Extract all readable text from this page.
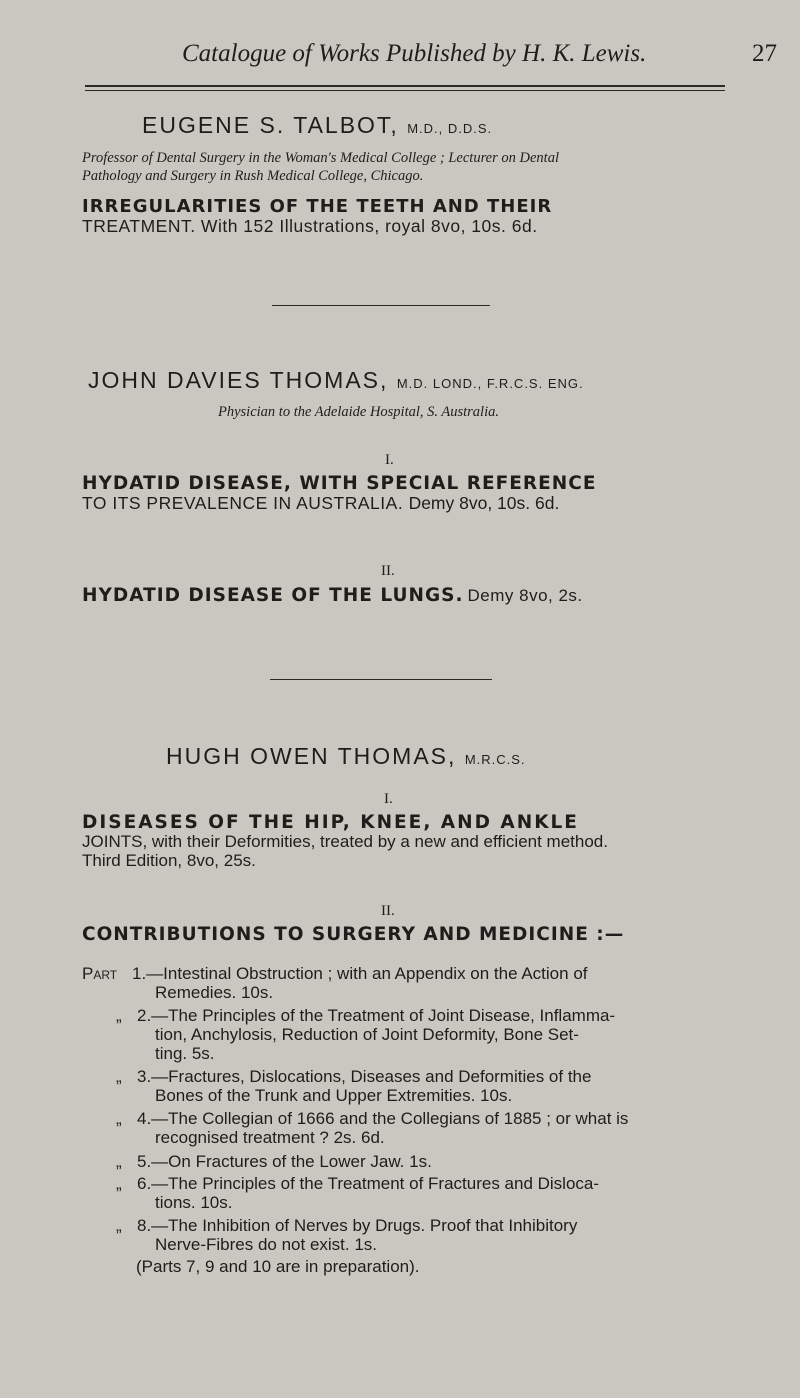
Catalogue of Works Published by H. K. Lewis.	27
EUGENE S. TALBOT, M.D., D.D.S.
Professor of Dental Surgery in the Woman's Medical College ; Lecturer on Dental
Pathology and Surgery in Rush Medical College, Chicago.
IRREGULARITIES OF THE TEETH AND THEIR
TREATMENT. With 152 Illustrations, royal 8vo, 10s. 6d.
JOHN DAVIES THOMAS, M.D. LOND., F.R.C.S. ENG.
Physician to the Adelaide Hospital, S. Australia.
I.
HYDATID DISEASE, WITH SPECIAL REFERENCE
TO ITS PREVALENCE IN AUSTRALIA. Demy 8vo, 10s. 6d.
II.
HYDATID DISEASE OF THE LUNGS. Demy 8vo, 2s.
HUGH OWEN THOMAS, M.R.C.S.
I.
DISEASES OF THE HIP, KNEE, AND ANKLE
JOINTS, with their Deformities, treated by a new and efficient method.
Third Edition, 8vo, 25s.
II.
CONTRIBUTIONS TO SURGERY AND MEDICINE :—
Part 1.—Intestinal Obstruction ; with an Appendix on the Action of
Remedies. 10s.
„ 2.—The Principles of the Treatment of Joint Disease, Inflamma-
tion, Anchylosis, Reduction of Joint Deformity, Bone Set-
ting. 5s.
„ 3.—Fractures, Dislocations, Diseases and Deformities of the
Bones of the Trunk and Upper Extremities. 10s.
„ 4.—The Collegian of 1666 and the Collegians of 1885 ; or what is
recognised treatment ? 2s. 6d.
„ 5.—On Fractures of the Lower Jaw. 1s.
„ 6.—The Principles of the Treatment of Fractures and Disloca-
tions. 10s.
„ 8.—The Inhibition of Nerves by Drugs. Proof that Inhibitory
Nerve-Fibres do not exist. 1s.
(Parts 7, 9 and 10 are in preparation).
